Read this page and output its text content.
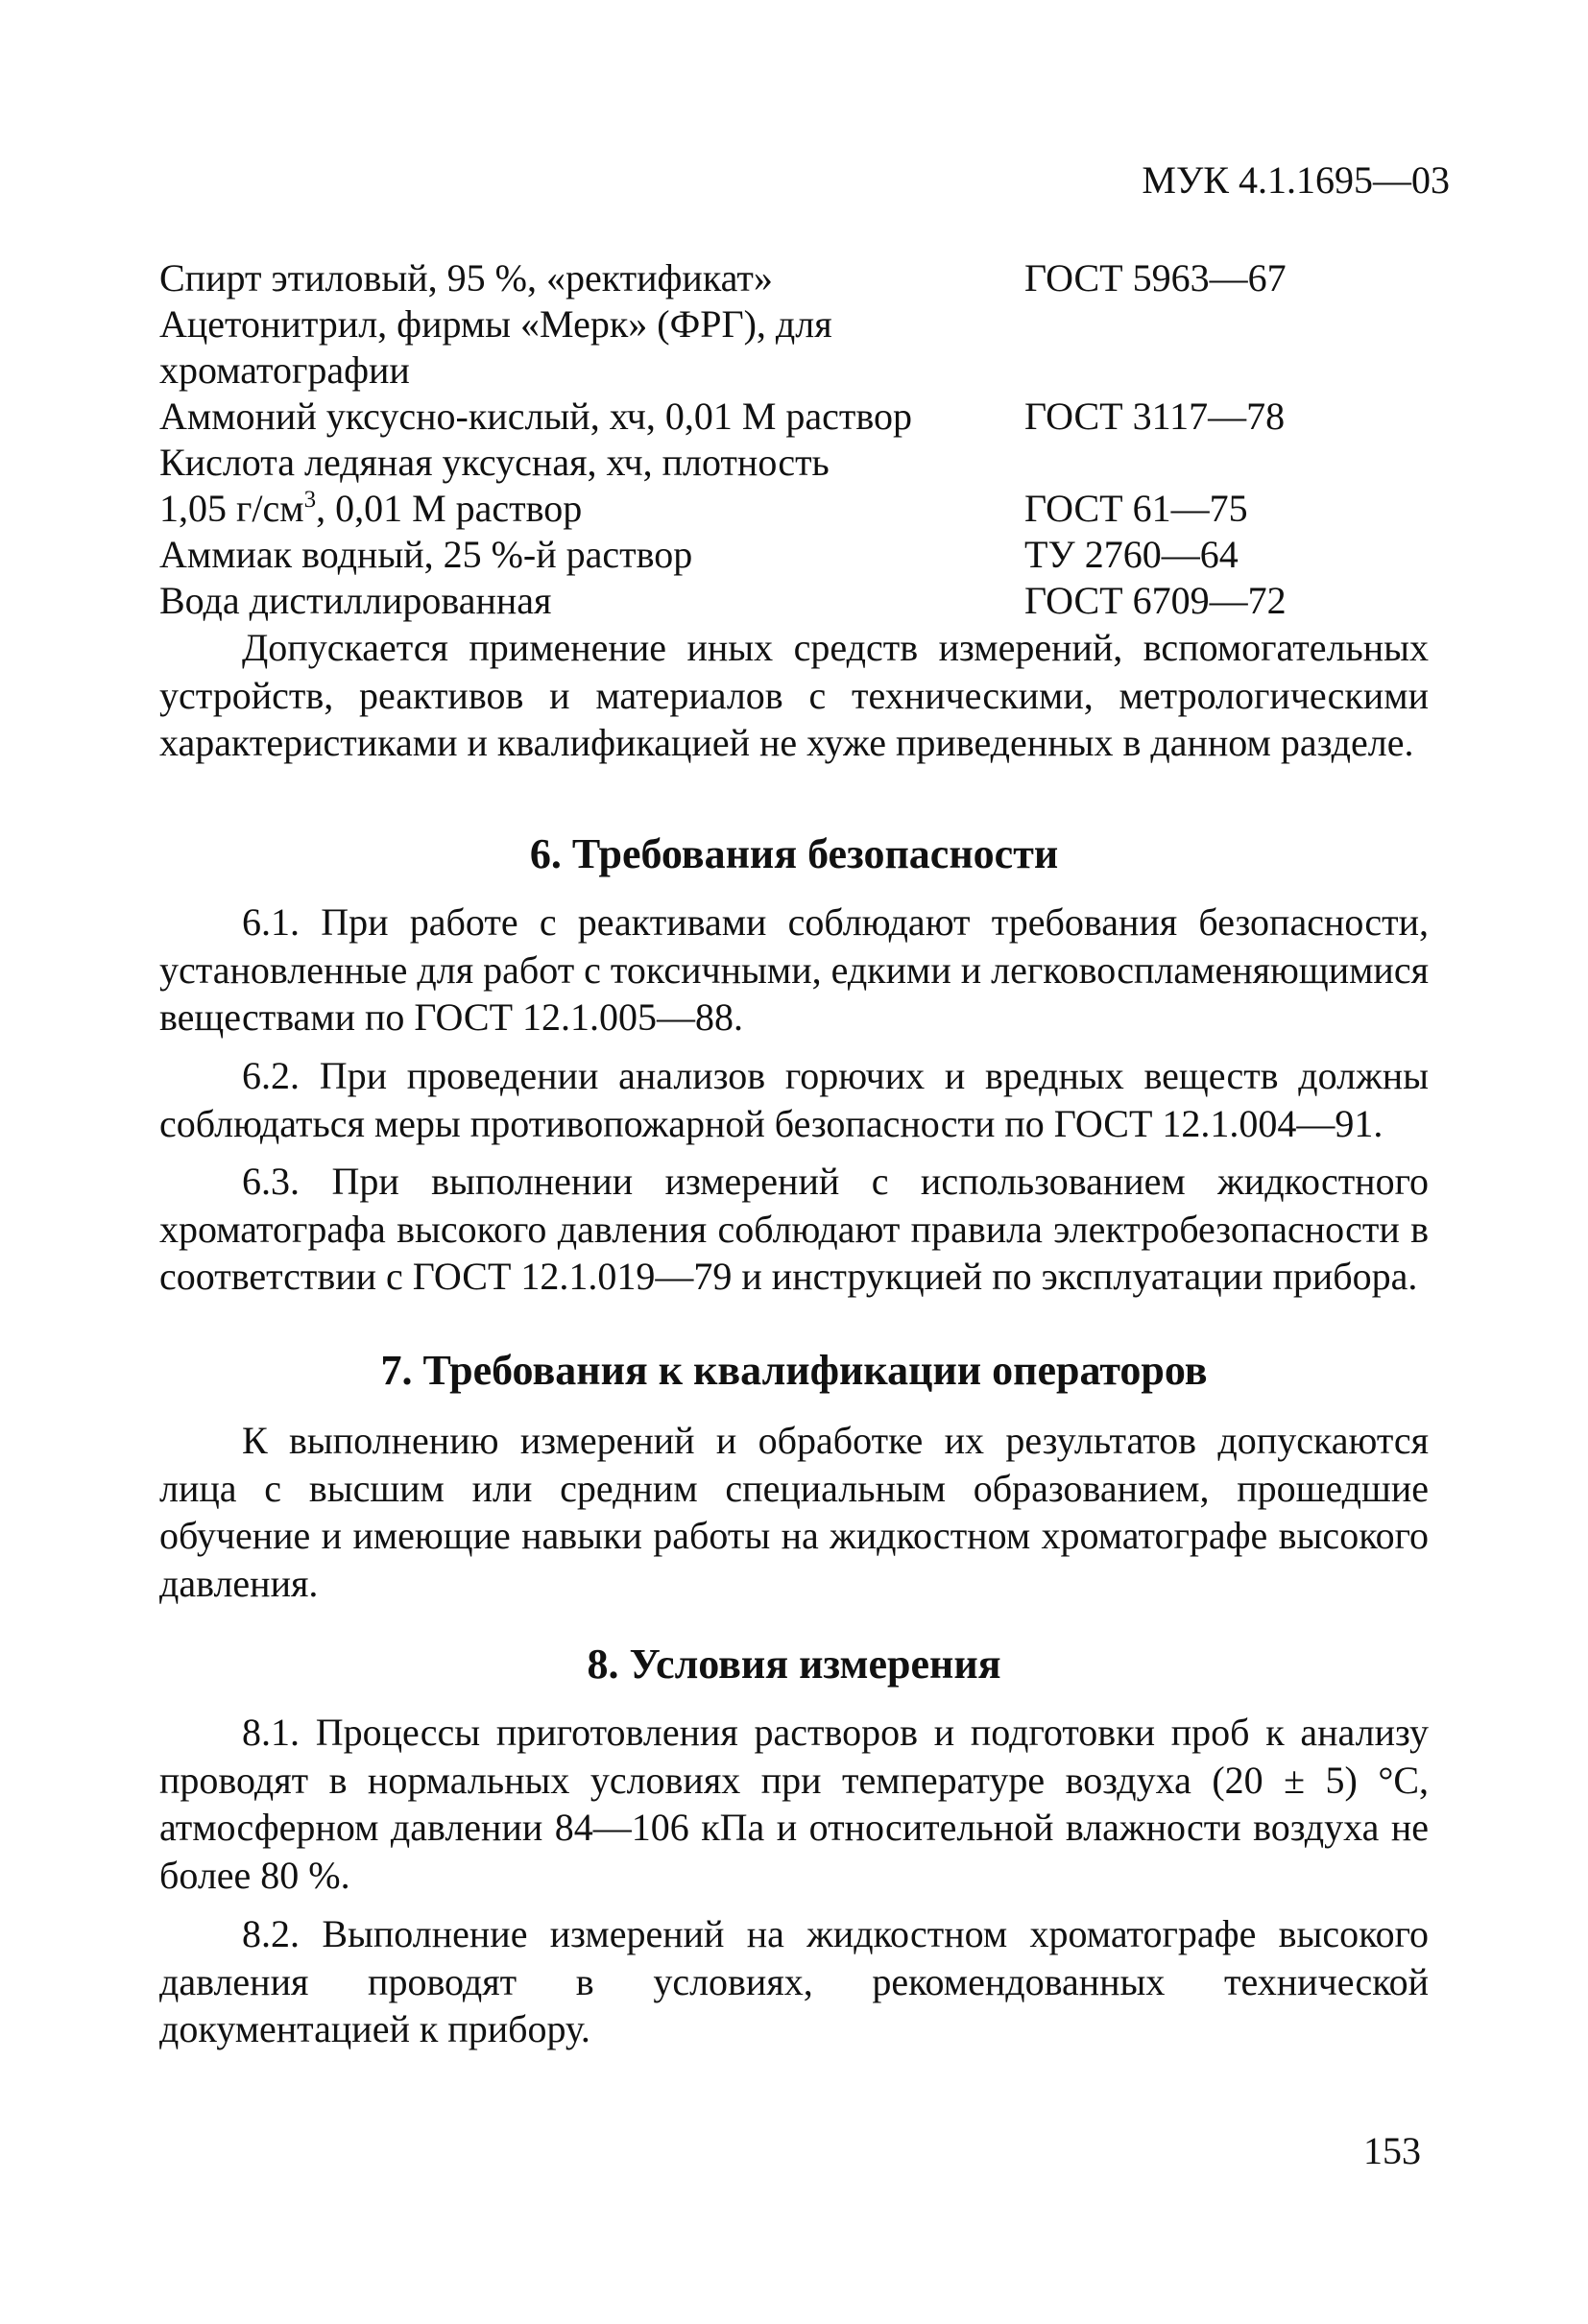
МУК 4.1.1695—03
Спирт этиловый, 95 %, «ректификат»	ГОСТ 5963—67
Ацетонитрил, фирмы «Мерк» (ФРГ), для
хроматографии
Аммоний уксусно-кислый, хч, 0,01 М раствор	ГОСТ 3117—78
Кислота ледяная уксусная, хч, плотность
1,05 $г/см^3$, 0,01 М раствор	ГОСТ 61—75
Аммиак водный, 25 %-й раствор	ТУ 2760—64
Вода дистиллированная	ГОСТ 6709—72

Допускается применение иных средств измерений, вспомогательных устройств, реактивов и материалов с техническими, метрологическими характеристиками и квалификацией не хуже приведенных в данном разделе.

6. Требования безопасности

6.1. При работе с реактивами соблюдают требования безопасности, установленные для работ с токсичными, едкими и легковоспламеняющимися веществами по ГОСТ 12.1.005—88.

6.2. При проведении анализов горючих и вредных веществ должны соблюдаться меры противопожарной безопасности по ГОСТ 12.1.004—91.

6.3. При выполнении измерений с использованием жидкостного хроматографа высокого давления соблюдают правила электробезопасности в соответствии с ГОСТ 12.1.019—79 и инструкцией по эксплуатации прибора.

7. Требования к квалификации операторов

К выполнению измерений и обработке их результатов допускаются лица с высшим или средним специальным образованием, прошедшие обучение и имеющие навыки работы на жидкостном хроматографе высокого давления.

8. Условия измерения

8.1. Процессы приготовления растворов и подготовки проб к анализу проводят в нормальных условиях при температуре воздуха (20 ± 5) °С, атмосферном давлении 84—106 кПа и относительной влажности воздуха не более 80 %.

8.2. Выполнение измерений на жидкостном хроматографе высокого давления проводят в условиях, рекомендованных технической документацией к прибору.

153
